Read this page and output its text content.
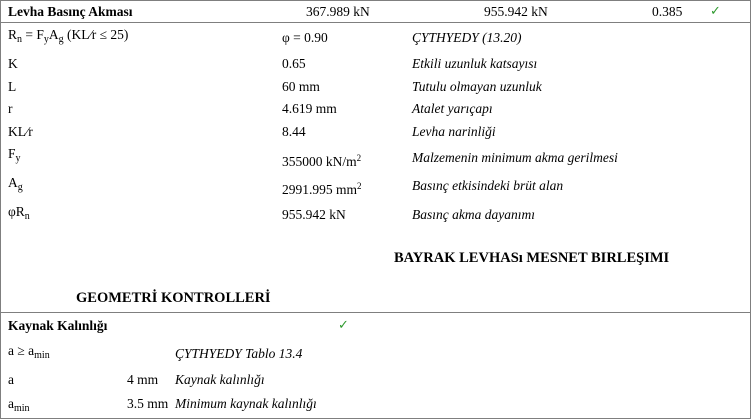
Levha Basınç Akması	367.989 kN	955.942 kN	0.385 ✓
$R_n = F_yA_g$ (KL⁄r ≤ 25)	φ = 0.90	ÇYTHYEDY (13.20)
K	0.65	Etkili uzunluk katsayısı
L	60 mm	Tutulu olmayan uzunluk
r	4.619 mm	Atalet yarıçapı
KL⁄r	8.44	Levha narinliği
$F_y$	355000 $kN/m^2$	Malzemenin minimum akma gerilmesi
$A_g$	2991.995 $mm^2$	Basınç etkisindeki brüt alan
$\varphi R_n$	955.942 kN	Basınç akma dayanımı
BAYRAK LEVHASı MESNET BIRLEŞIMI
GEOMETRİ KONTROLLERİ
Kaynak Kalınlığı	✓
$a \ge a_{min}$	ÇYTHYEDY Tablo 13.4
a	4 mm Kaynak kalınlığı
$a_{min}$	3.5 mm Minimum kaynak kalınlığı
